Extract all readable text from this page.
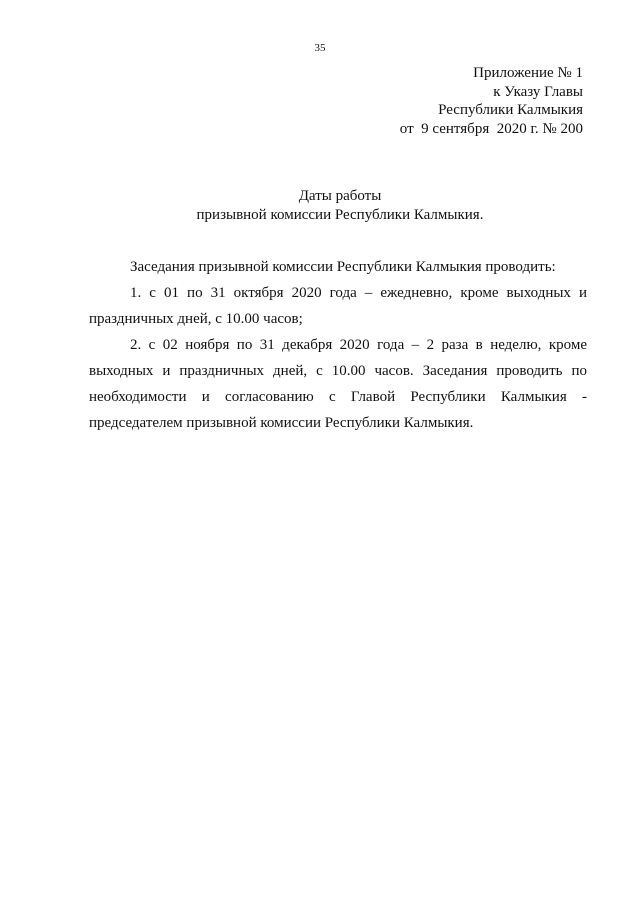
35
Приложение № 1
к Указу Главы
Республики Калмыкия
от  9 сентября  2020 г. № 200
Даты работы
призывной комиссии Республики Калмыкия.
Заседания призывной комиссии Республики Калмыкия проводить:
1. с 01 по 31 октября 2020 года – ежедневно, кроме выходных и
праздничных дней, с 10.00 часов;
2. с 02 ноября по 31 декабря 2020 года – 2 раза в неделю, кроме
выходных и праздничных дней, с 10.00 часов. Заседания проводить по
необходимости и согласованию с Главой Республики Калмыкия -
председателем призывной комиссии Республики Калмыкия.
